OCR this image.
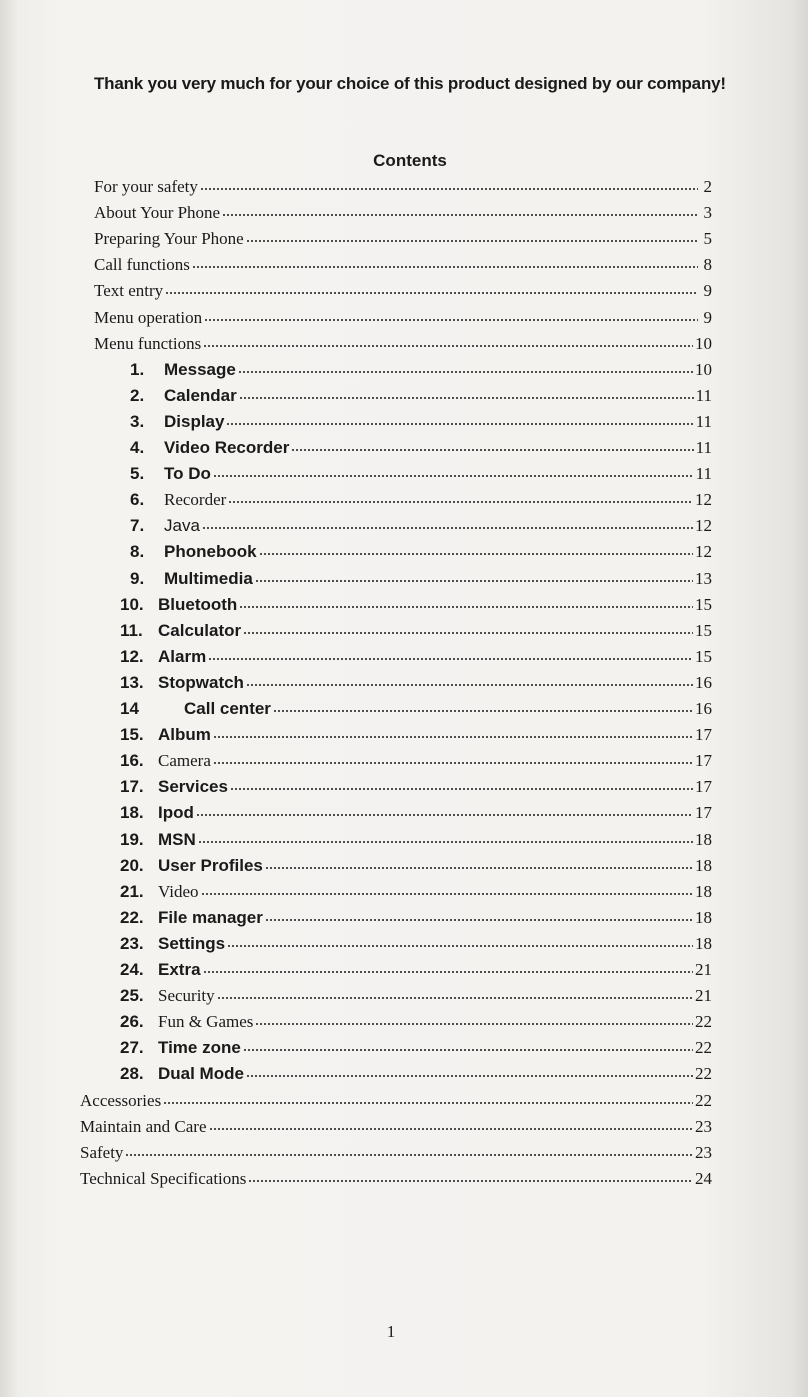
Thank you very much for your choice of this product designed by our company!
Contents
For your safety	2
About Your Phone	3
Preparing Your Phone	5
Call functions	8
Text entry	9
Menu operation	9
Menu functions	10
1.	Message	10
2.	Calendar	11
3.	Display	11
4.	Video Recorder	11
5.	To Do	11
6.	Recorder	12
7.	Java	12
8.	Phonebook	12
9.	Multimedia	13
10. Bluetooth	15
11. Calculator	15
12. Alarm	15
13. Stopwatch	16
14	Call center	16
15. Album	17
16. Camera	17
17. Services	17
18. Ipod	17
19. MSN	18
20. User Profiles	18
21. Video	18
22. File manager	18
23. Settings	18
24. Extra	21
25. Security	21
26. Fun & Games	22
27. Time zone	22
28. Dual Mode	22
Accessories	22
Maintain and Care	23
Safety	23
Technical Specifications	24
1
